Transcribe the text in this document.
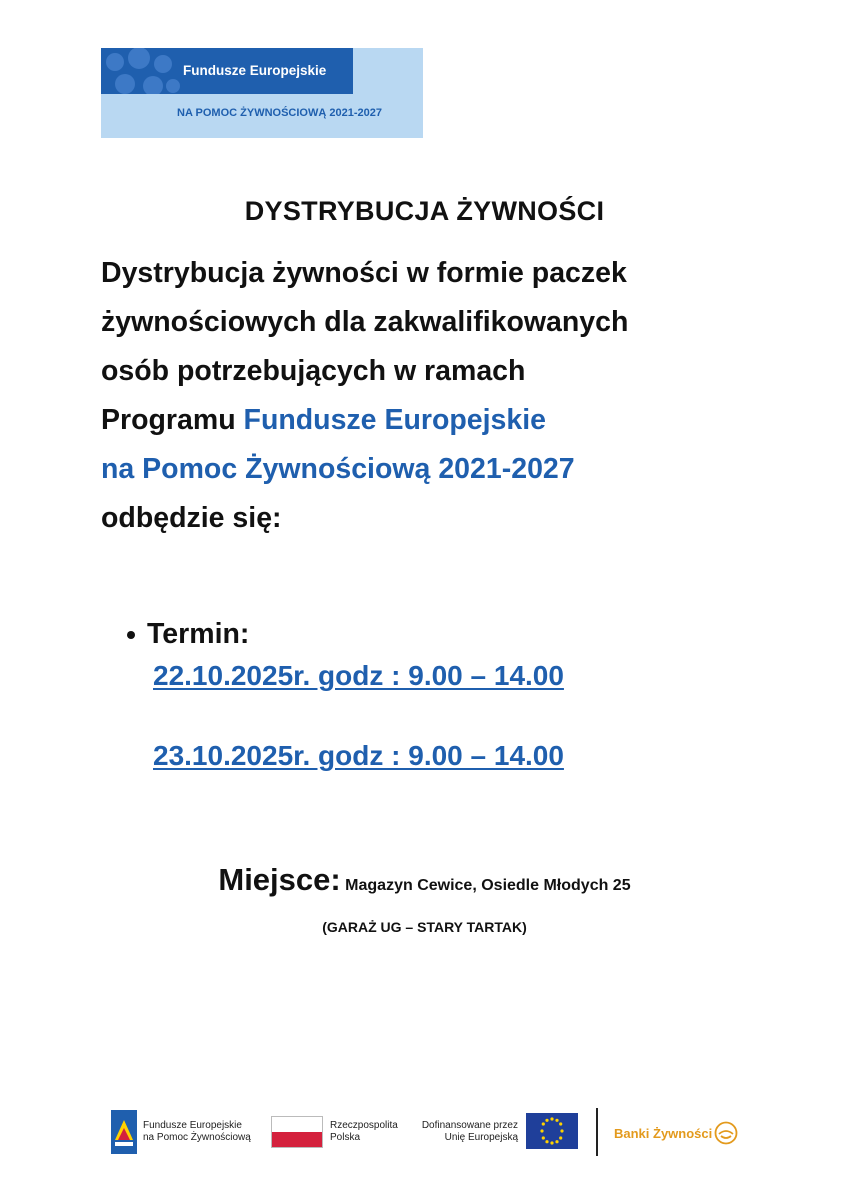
Fundusze Europejskie
NA POMOC ŻYWNOŚCIOWĄ 2021-2027
DYSTRYBUCJA ŻYWNOŚCI
Dystrybucja żywności w formie paczek
żywnościowych dla zakwalifikowanych
osób potrzebujących w ramach
Programu Fundusze Europejskie
na Pomoc Żywnościową 2021-2027
odbędzie się:
Termin:
22.10.2025r. godz : 9.00 – 14.00
23.10.2025r. godz : 9.00 – 14.00
Miejsce: Magazyn Cewice, Osiedle Młodych 25
(GARAŻ UG – STARY TARTAK)
Fundusze Europejskie
na Pomoc Żywnościową
Rzeczpospolita
Polska
Dofinansowane przez
Unię Europejską	Banki Żywności
